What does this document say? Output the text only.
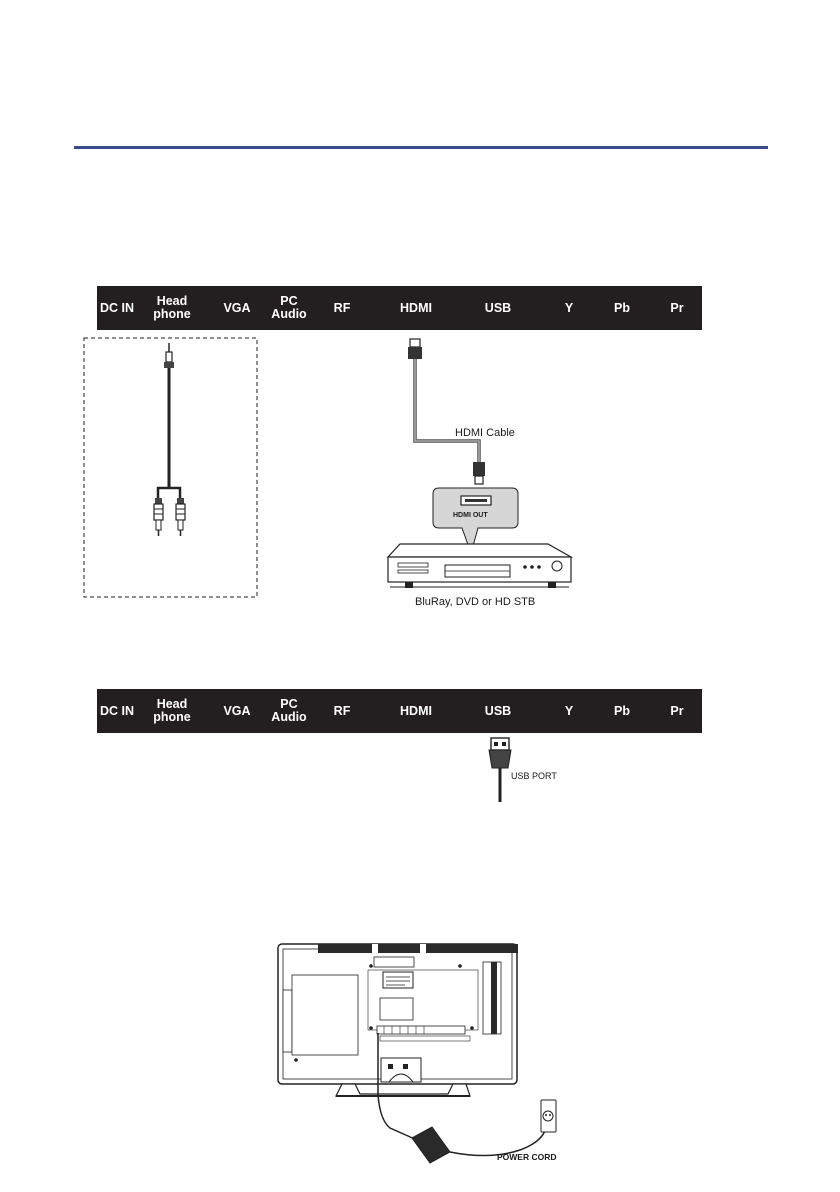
DC IN Head
phone	VGA	PC
Audio RF	HDMI	USB	Y	Pb	Pr
DC IN Head
phone	VGA	PC
Audio RF	HDMI	USB	Y	Pb	Pr
HDMI Cable
HDMI OUT
BluRay, DVD or HD STB
USB PORT
POWER CORD
